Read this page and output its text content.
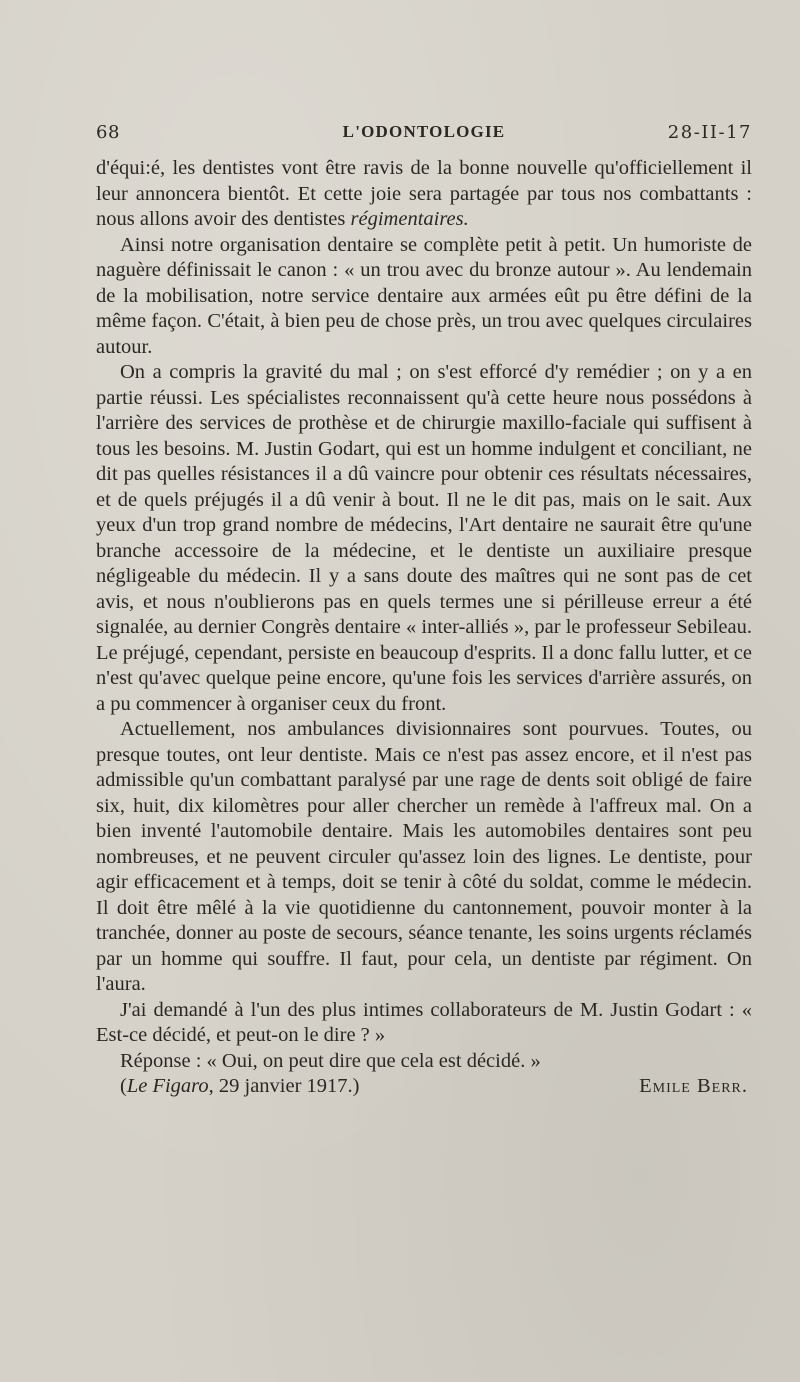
68	L'ODONTOLOGIE	28-II-17

d'équi:é, les dentistes vont être ravis de la bonne nouvelle qu'officiellement il leur annoncera bientôt. Et cette joie sera partagée par tous nos combattants : nous allons avoir des dentistes régimentaires.

Ainsi notre organisation dentaire se complète petit à petit. Un humoriste de naguère définissait le canon : « un trou avec du bronze autour ». Au lendemain de la mobilisation, notre service dentaire aux armées eût pu être défini de la même façon. C'était, à bien peu de chose près, un trou avec quelques circulaires autour.

On a compris la gravité du mal ; on s'est efforcé d'y remédier ; on y a en partie réussi. Les spécialistes reconnaissent qu'à cette heure nous possédons à l'arrière des services de prothèse et de chirurgie maxillo-faciale qui suffisent à tous les besoins. M. Justin Godart, qui est un homme indulgent et conciliant, ne dit pas quelles résistances il a dû vaincre pour obtenir ces résultats nécessaires, et de quels préjugés il a dû venir à bout. Il ne le dit pas, mais on le sait. Aux yeux d'un trop grand nombre de médecins, l'Art dentaire ne saurait être qu'une branche accessoire de la médecine, et le dentiste un auxiliaire presque négligeable du médecin. Il y a sans doute des maîtres qui ne sont pas de cet avis, et nous n'oublierons pas en quels termes une si périlleuse erreur a été signalée, au dernier Congrès dentaire « inter-alliés », par le professeur Sebileau. Le préjugé, cependant, persiste en beaucoup d'esprits. Il a donc fallu lutter, et ce n'est qu'avec quelque peine encore, qu'une fois les services d'arrière assurés, on a pu commencer à organiser ceux du front.

Actuellement, nos ambulances divisionnaires sont pourvues. Toutes, ou presque toutes, ont leur dentiste. Mais ce n'est pas assez encore, et il n'est pas admissible qu'un combattant paralysé par une rage de dents soit obligé de faire six, huit, dix kilomètres pour aller chercher un remède à l'affreux mal. On a bien inventé l'automobile dentaire. Mais les automobiles dentaires sont peu nombreuses, et ne peuvent circuler qu'assez loin des lignes. Le dentiste, pour agir efficacement et à temps, doit se tenir à côté du soldat, comme le médecin. Il doit être mêlé à la vie quotidienne du cantonnement, pouvoir monter à la tranchée, donner au poste de secours, séance tenante, les soins urgents réclamés par un homme qui souffre. Il faut, pour cela, un dentiste par régiment. On l'aura.

J'ai demandé à l'un des plus intimes collaborateurs de M. Justin Godart : « Est-ce décidé, et peut-on le dire ? »

Réponse : « Oui, on peut dire que cela est décidé. »

(Le Figaro, 29 janvier 1917.)	Emile Berr.
